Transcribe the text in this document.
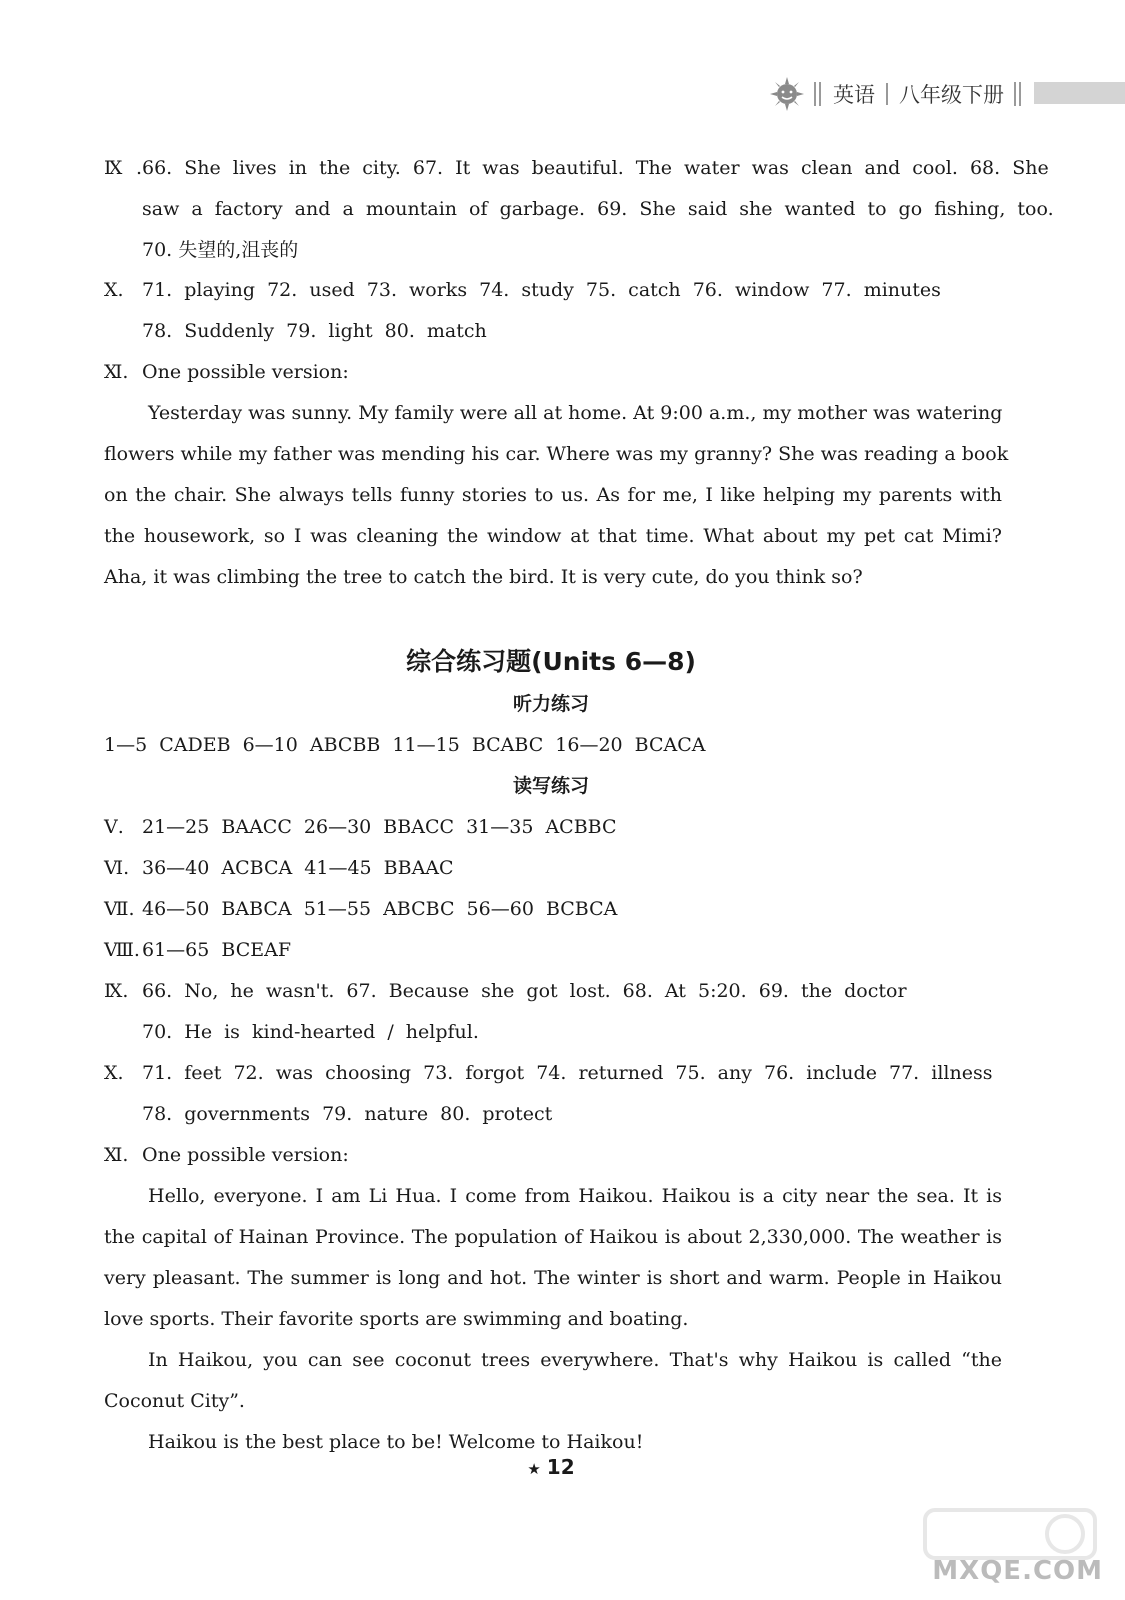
英语 八年级下册
Ⅸ.66. She lives in the city. 67. It was beautiful. The water was clean and cool. 68. She
saw a factory and a mountain of garbage. 69. She said she wanted to go fishing, too.
70. 失望的,沮丧的
Ⅹ. 71. playing 72. used 73. works 74. study 75. catch 76. window 77. minutes
78. Suddenly 79. light 80. match
Ⅺ. One possible version:
Yesterday was sunny. My family were all at home. At 9:00 a.m., my mother was watering
flowers while my father was mending his car. Where was my granny? She was reading a book
on the chair. She always tells funny stories to us. As for me, I like helping my parents with
the housework, so I was cleaning the window at that time. What about my pet cat Mimi?
Aha, it was climbing the tree to catch the bird. It is very cute, do you think so?
综合练习题(Units 6—8)
听力练习
1—5 CADEB 6—10 ABCBB 11—15 BCABC 16—20 BCACA
读写练习
Ⅴ. 21—25 BAACC 26—30 BBACC 31—35 ACBBC
Ⅵ. 36—40 ACBCA 41—45 BBAAC
Ⅶ. 46—50 BABCA 51—55 ABCBC 56—60 BCBCA
Ⅷ. 61—65 BCEAF
Ⅸ. 66. No, he wasn't. 67. Because she got lost. 68. At 5:20. 69. the doctor
70. He is kind-hearted / helpful.
Ⅹ. 71. feet 72. was choosing 73. forgot 74. returned 75. any 76. include 77. illness
78. governments 79. nature 80. protect
Ⅺ. One possible version:
Hello, everyone. I am Li Hua. I come from Haikou. Haikou is a city near the sea. It is
the capital of Hainan Province. The population of Haikou is about 2,330,000. The weather is
very pleasant. The summer is long and hot. The winter is short and warm. People in Haikou
love sports. Their favorite sports are swimming and boating.
In Haikou, you can see coconut trees everywhere. That's why Haikou is called “the
Coconut City”.
Haikou is the best place to be! Welcome to Haikou!
★ 12
MXQE.COM
